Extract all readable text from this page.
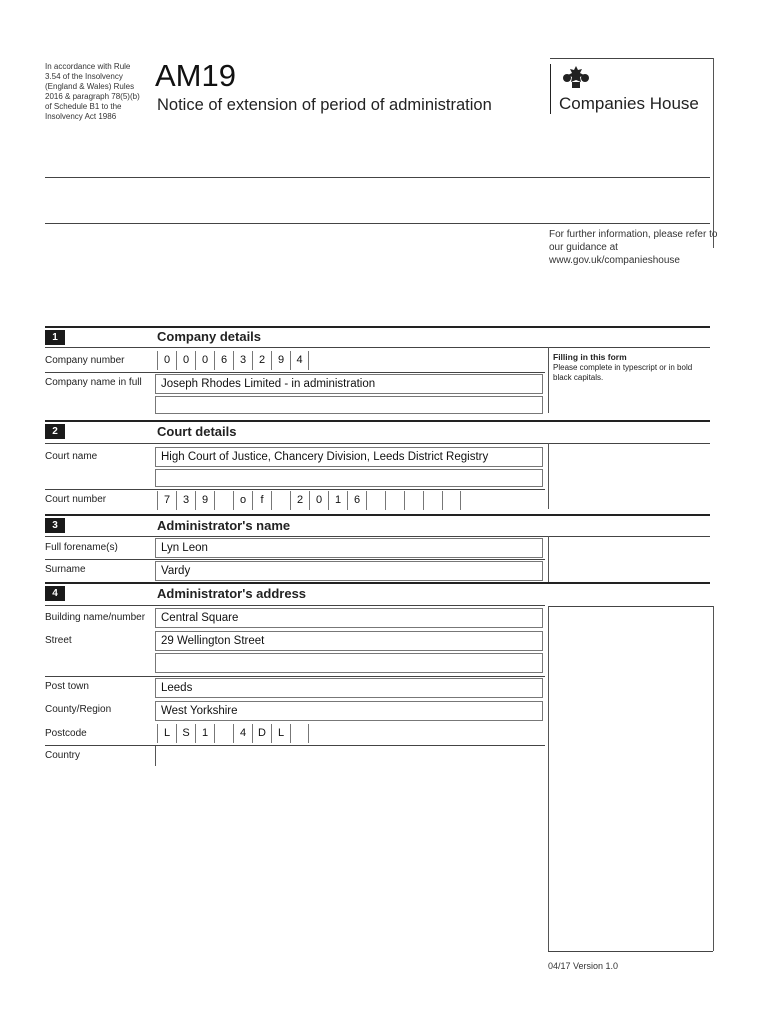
In accordance with Rule 3.54 of the Insolvency (England & Wales) Rules 2016 & paragraph 78(5)(b) of Schedule B1 to the Insolvency Act 1986
AM19
Notice of extension of period of administration	Companies House
For further information, please refer to our guidance at www.gov.uk/companieshouse
1	Company details
Company number	0	0	0	6	3	2	9	4
Company name in full	Joseph Rhodes Limited - in administration
Filling in this form
Please complete in typescript or in bold black capitals.
2	Court details
Court name	High Court of Justice, Chancery Division, Leeds District Registry
Court number	7	3	9	o	f	2	0	1	6
3	Administrator's name
Full forename(s)	Lyn Leon
Surname	Vardy
4	Administrator's address
Building name/number	Central Square
Street	29 Wellington Street
Post town	Leeds
County/Region	West Yorkshire
Postcode	L	S	1	4	D	L
Country
04/17 Version 1.0
